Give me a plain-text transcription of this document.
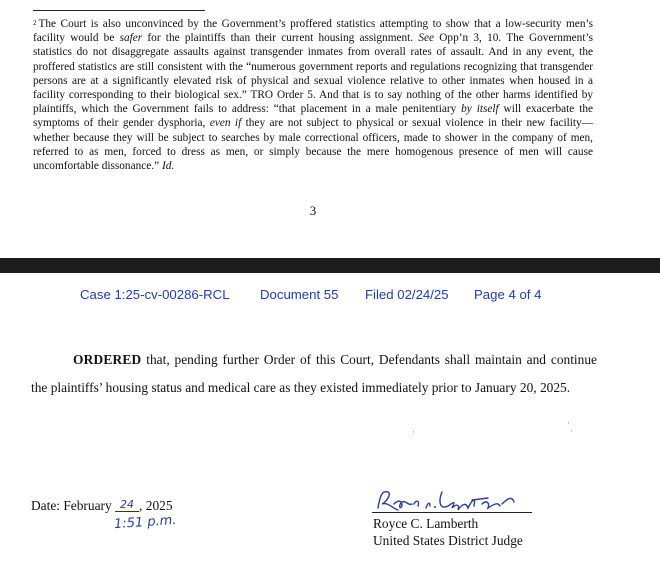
$^2$ The Court is also unconvinced by the Government’s proffered statistics attempting to show that a low-security men’s facility would be safer for the plaintiffs than their current housing assignment. See Opp’n 3, 10. The Government’s statistics do not disaggregate assaults against transgender inmates from overall rates of assault. And in any event, the proffered statistics are still consistent with the “numerous government reports and regulations recognizing that transgender persons are at a significantly elevated risk of physical and sexual violence relative to other inmates when housed in a facility corresponding to their biological sex.” TRO Order 5. And that is to say nothing of the other harms identified by plaintiffs, which the Government fails to address: “that placement in a male penitentiary by itself will exacerbate the symptoms of their gender dysphoria, even if they are not subject to physical or sexual violence in their new facility—whether because they will be subject to searches by male correctional officers, made to shower in the company of men, referred to as men, forced to dress as men, or simply because the mere homogenous presence of men will cause uncomfortable dissonance.” Id.
3
Case 1:25-cv-00286-RCL Document 55 Filed 02/24/25 Page 4 of 4

ORDERED that, pending further Order of this Court, Defendants shall maintain and continue the plaintiffs’ housing status and medical care as they existed immediately prior to January 20, 2025.

·
·
·
Date: February 24 , 2025
1:51 p.m.	Royce C. Lamberth
United States District Judge
